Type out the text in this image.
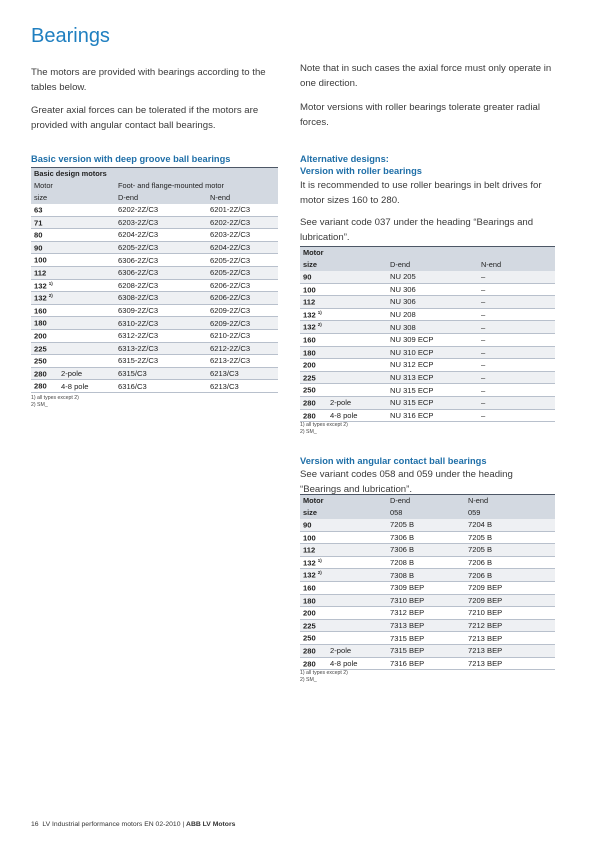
Bearings

The motors are provided with bearings according to the tables below.

Greater axial forces can be tolerated if the motors are provided with angular contact ball bearings.

Note that in such cases the axial force must only operate in one direction.

Motor versions with roller bearings tolerate greater radial forces.

Basic version with deep groove ball bearings
Basic design motors			
Motor		Foot- and flange-mounted motor	
size		D-end	N-end
63		6202-2Z/C3	6201-2Z/C3
71		6203-2Z/C3	6202-2Z/C3
80		6204-2Z/C3	6203-2Z/C3
90		6205-2Z/C3	6204-2Z/C3
100		6306-2Z/C3	6205-2Z/C3
112		6306-2Z/C3	6205-2Z/C3
132 $^{1)}$		6208-2Z/C3	6206-2Z/C3
132 $^{2)}$		6308-2Z/C3	6206-2Z/C3
160		6309-2Z/C3	6209-2Z/C3
180		6310-2Z/C3	6209-2Z/C3
200		6312-2Z/C3	6210-2Z/C3
225		6313-2Z/C3	6212-2Z/C3
250		6315-2Z/C3	6213-2Z/C3
280	2-pole	6315/C3	6213/C3
280	4-8 pole	6316/C3	6213/C3
1) all types except 2)
2) SM_
Alternative designs:
Version with roller bearings

It is recommended to use roller bearings in belt drives for motor sizes 160 to 280.

See variant code 037 under the heading “Bearings and lubrication”.

Motor			
size		D-end	N-end
90		NU 205	–
100		NU 306	–
112		NU 306	–
132 $^{1)}$		NU 208	–
132 $^{2)}$		NU 308	–
160		NU 309 ECP	–
180		NU 310 ECP	–
200		NU 312 ECP	–
225		NU 313 ECP	–
250		NU 315 ECP	–
280	2-pole	NU 315 ECP	–
280	4-8 pole	NU 316 ECP	–
1) all types except 2)
2) SM_
Version with angular contact ball bearings

See variant codes 058 and 059 under the heading “Bearings and lubrication”.

Motor		D-end	N-end
size		058	059
90		7205 B	7204 B
100		7306 B	7205 B
112		7306 B	7205 B
132 $^{1)}$		7208 B	7206 B
132 $^{2)}$		7308 B	7206 B
160		7309 BEP	7209 BEP
180		7310 BEP	7209 BEP
200		7312 BEP	7210 BEP
225		7313 BEP	7212 BEP
250		7315 BEP	7213 BEP
280	2-pole	7315 BEP	7213 BEP
280	4-8 pole	7316 BEP	7213 BEP
1) all types except 2)
2) SM_
16 LV Industrial performance motors EN 02-2010 | ABB LV Motors
